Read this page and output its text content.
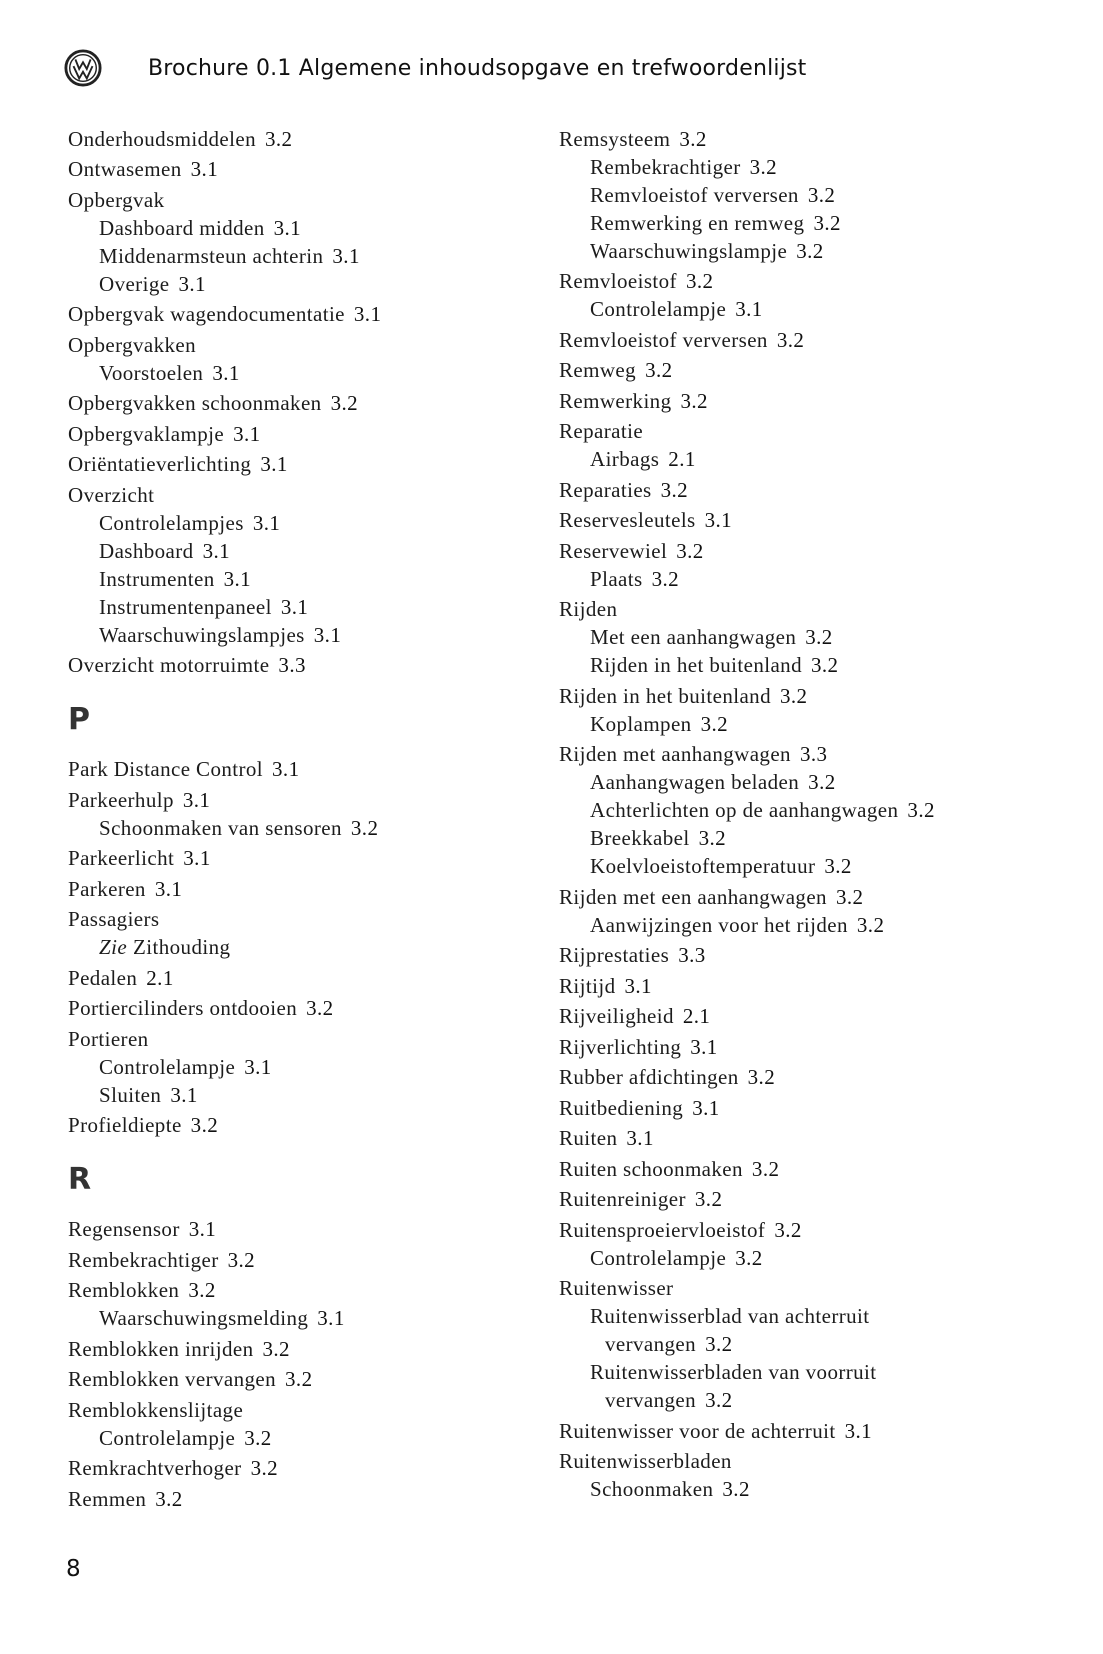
Brochure 0.1 Algemene inhoudsopgave en trefwoordenlijst
Onderhoudsmiddelen 3.2
Ontwasemen 3.1
Opbergvak
Dashboard midden 3.1
Middenarmsteun achterin 3.1
Overige 3.1
Opbergvak wagendocumentatie 3.1
Opbergvakken
Voorstoelen 3.1
Opbergvakken schoonmaken 3.2
Opbergvaklampje 3.1
Oriëntatieverlichting 3.1
Overzicht
Controlelampjes 3.1
Dashboard 3.1
Instrumenten 3.1
Instrumentenpaneel 3.1
Waarschuwingslampjes 3.1
Overzicht motorruimte 3.3
P
Park Distance Control 3.1
Parkeerhulp 3.1
Schoonmaken van sensoren 3.2
Parkeerlicht 3.1
Parkeren 3.1
Passagiers
Zie Zithouding
Pedalen 2.1
Portiercilinders ontdooien 3.2
Portieren
Controlelampje 3.1
Sluiten 3.1
Profieldiepte 3.2
R
Regensensor 3.1
Rembekrachtiger 3.2
Remblokken 3.2
Waarschuwingsmelding 3.1
Remblokken inrijden 3.2
Remblokken vervangen 3.2
Remblokkenslijtage
Controlelampje 3.2
Remkrachtverhoger 3.2
Remmen 3.2
Remsysteem 3.2
Rembekrachtiger 3.2
Remvloeistof verversen 3.2
Remwerking en remweg 3.2
Waarschuwingslampje 3.2
Remvloeistof 3.2
Controlelampje 3.1
Remvloeistof verversen 3.2
Remweg 3.2
Remwerking 3.2
Reparatie
Airbags 2.1
Reparaties 3.2
Reservesleutels 3.1
Reservewiel 3.2
Plaats 3.2
Rijden
Met een aanhangwagen 3.2
Rijden in het buitenland 3.2
Rijden in het buitenland 3.2
Koplampen 3.2
Rijden met aanhangwagen 3.3
Aanhangwagen beladen 3.2
Achterlichten op de aanhangwagen 3.2
Breekkabel 3.2
Koelvloeistoftemperatuur 3.2
Rijden met een aanhangwagen 3.2
Aanwijzingen voor het rijden 3.2
Rijprestaties 3.3
Rijtijd 3.1
Rijveiligheid 2.1
Rijverlichting 3.1
Rubber afdichtingen 3.2
Ruitbediening 3.1
Ruiten 3.1
Ruiten schoonmaken 3.2
Ruitenreiniger 3.2
Ruitensproeiervloeistof 3.2
Controlelampje 3.2
Ruitenwisser
Ruitenwisserblad van achterruit
vervangen 3.2
Ruitenwisserbladen van voorruit
vervangen 3.2
Ruitenwisser voor de achterruit 3.1
Ruitenwisserbladen
Schoonmaken 3.2
8
